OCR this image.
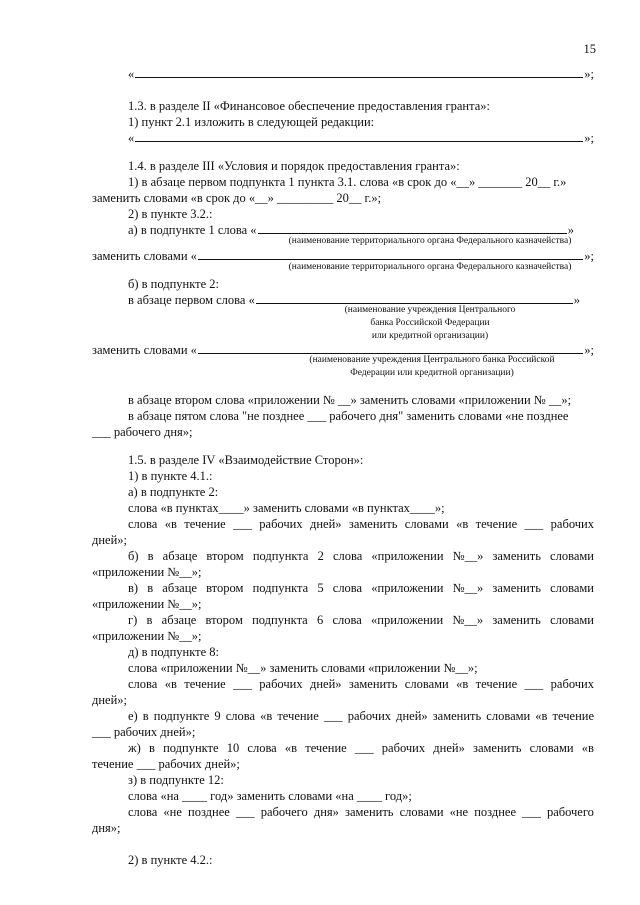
15
«	»;
1.3. в разделе II «Финансовое обеспечение предоставления гранта»:
1) пункт 2.1 изложить в следующей редакции:
«	»;
1.4. в разделе III «Условия и порядок предоставления гранта»:
1) в абзаце первом подпункта 1 пункта 3.1. слова «в срок до «__» _______ 20__ г.»
заменить словами «в срок до «__» _________ 20__ г.»;
2) в пункте 3.2.:
а) в подпункте 1 слова «	»
(наименование территориального органа Федерального казначейства)
заменить словами «	»;
(наименование территориального органа Федерального казначейства)
б) в подпункте 2:
в абзаце первом слова «	»
(наименование учреждения Центрального
банка Российской Федерации
или кредитной организации)
заменить словами «	»;
(наименование учреждения Центрального банка Российской
Федерации или кредитной организации)
в абзаце втором слова «приложении № __» заменить словами «приложении № __»;
в абзаце пятом слова "не позднее ___ рабочего дня" заменить словами «не позднее
___ рабочего дня»;
1.5. в разделе IV «Взаимодействие Сторон»:
1) в пункте 4.1.:
а) в подпункте 2:
слова «в пунктах____» заменить словами «в пунктах____»;
слова «в течение ___ рабочих дней» заменить словами «в течение ___ рабочих
дней»;
б) в абзаце втором подпункта 2 слова «приложении №__» заменить словами
«приложении №__»;
в) в абзаце втором подпункта 5 слова «приложении №__» заменить словами
«приложении №__»;
г) в абзаце втором подпункта 6 слова «приложении №__» заменить словами
«приложении №__»;
д) в подпункте 8:
слова «приложении №__» заменить словами «приложении №__»;
слова «в течение ___ рабочих дней» заменить словами «в течение ___ рабочих
дней»;
е) в подпункте 9 слова «в течение ___ рабочих дней» заменить словами «в течение
___ рабочих дней»;
ж) в подпункте 10 слова «в течение ___ рабочих дней» заменить словами «в
течение ___ рабочих дней»;
з) в подпункте 12:
слова «на ____ год» заменить словами «на ____ год»;
слова «не позднее ___ рабочего дня» заменить словами «не позднее ___ рабочего
дня»;
2) в пункте 4.2.:
